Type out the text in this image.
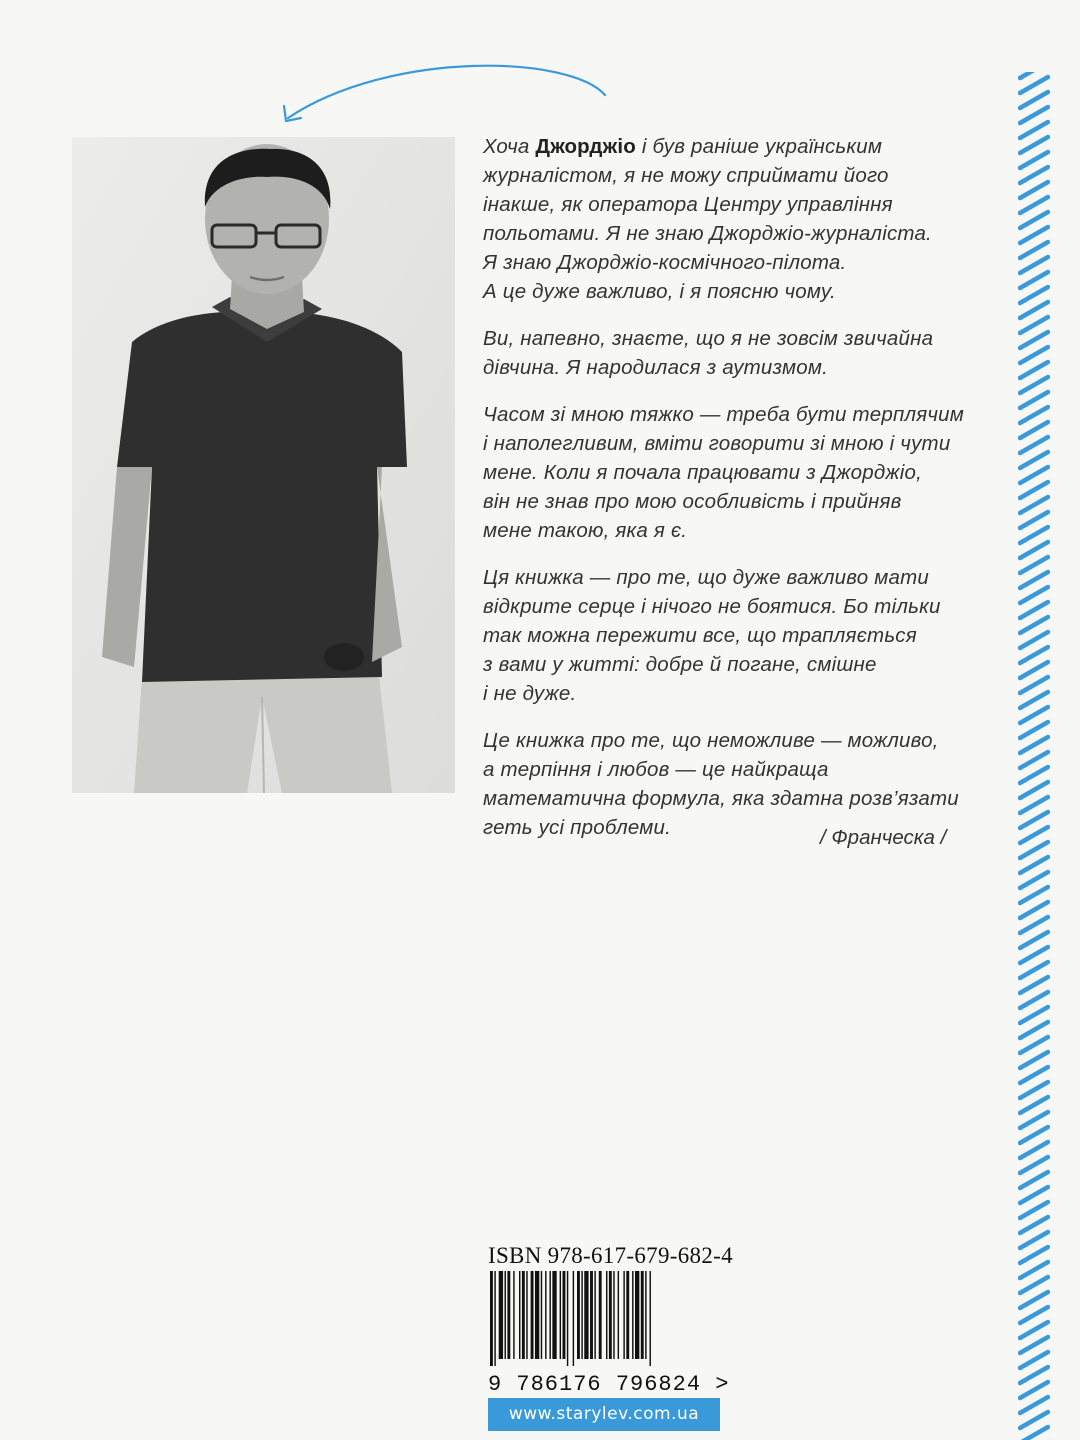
Хоча Джорджіо і був раніше українським
журналістом, я не можу сприймати його
інакше, як оператора Центру управління
польотами. Я не знаю Джорджіо-журналіста.
Я знаю Джорджіо-космічного-пілота.
А це дуже важливо, і я поясню чому.
Ви, напевно, знаєте, що я не зовсім звичайна
дівчина. Я народилася з аутизмом.
Часом зі мною тяжко — треба бути терплячим
і наполегливим, вміти говорити зі мною і чути
мене. Коли я почала працювати з Джорджіо,
він не знав про мою особливість і прийняв
мене такою, яка я є.
Ця книжка — про те, що дуже важливо мати
відкрите серце і нічого не боятися. Бо тільки
так можна пережити все, що трапляється
з вами у житті: добре й погане, смішне
і не дуже.
Це книжка про те, що неможливе — можливо,
а терпіння і любов — це найкраща
математична формула, яка здатна розв’язати
геть усі проблеми.	/ Франческа /
ISBN 978-617-679-682-4
9 786176 796824 >
www.starylev.com.ua
